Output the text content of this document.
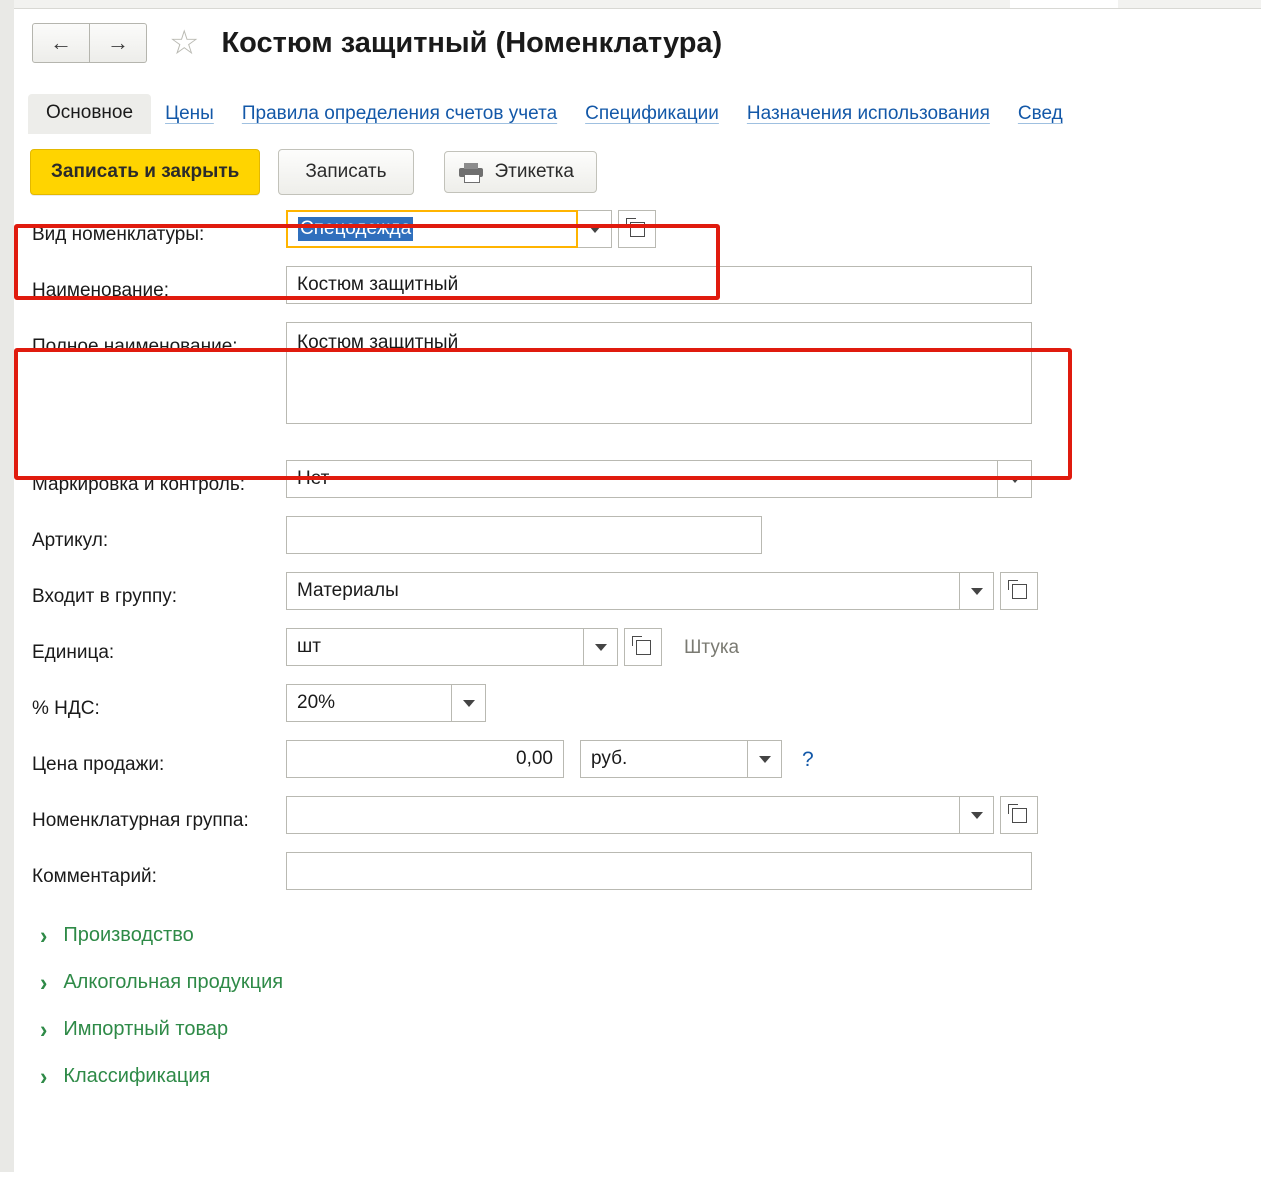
← → ☆ Костюм защитный (Номенклатура)
Основное	Цены	Правила определения счетов учета	Спецификации	Назначения использования	Свед
Записать и закрыть	Записать	Этикетка
Вид номенклатуры:	Спецодежда
Наименование:	Костюм защитный
Полное наименование:	Костюм защитный
Маркировка и контроль:	Нет
Артикул:
Входит в группу:	Материалы
Единица:	шт	Штука
% НДС:	20%
Цена продажи:	0,00 руб.	?
Номенклатурная группа:
Комментарий:
› Производство
› Алкогольная продукция
› Импортный товар
› Классификация
